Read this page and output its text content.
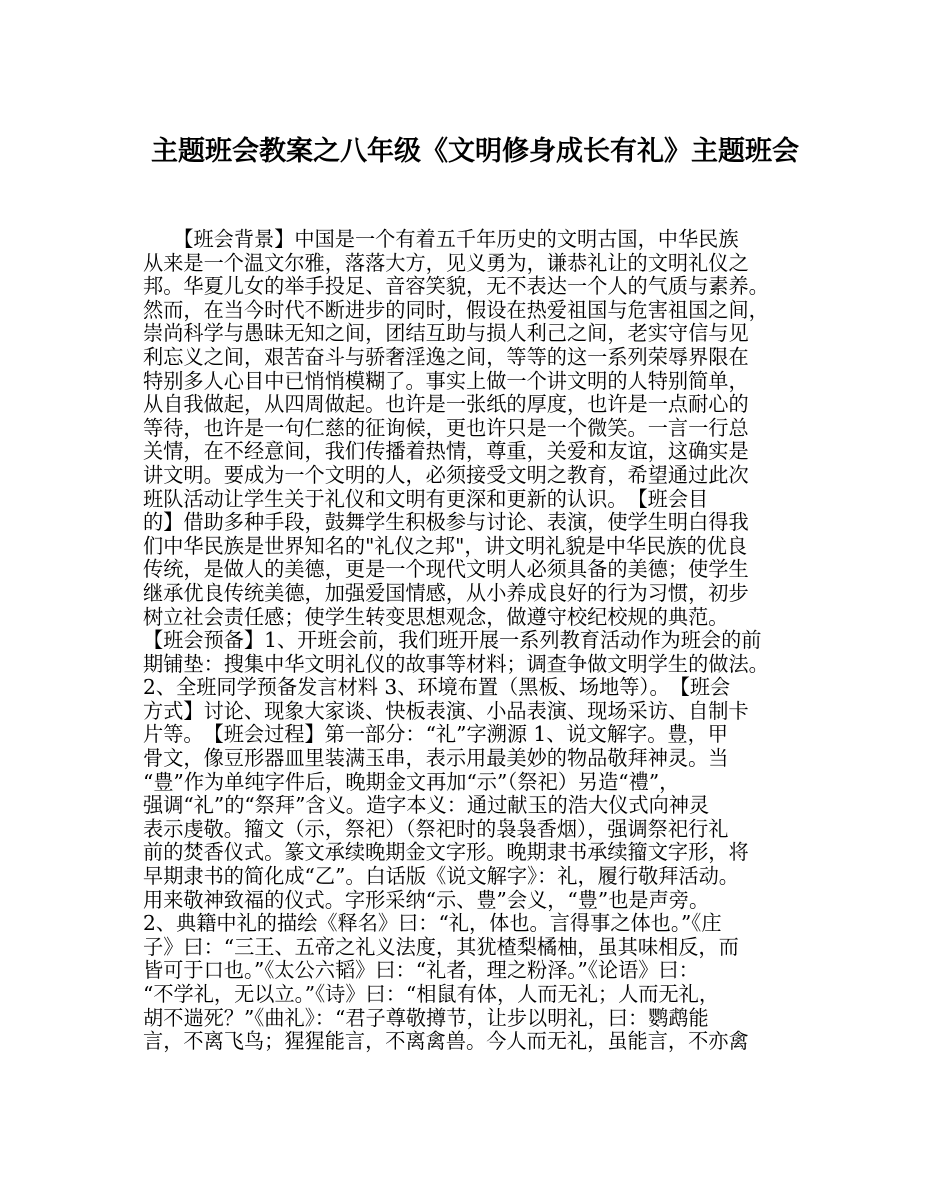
主题班会教案之八年级《文明修身成长有礼》主题班会
　　【班会背景】中国是一个有着五千年历史的文明古国，中华民族
从来是一个温文尔雅，落落大方，见义勇为，谦恭礼让的文明礼仪之
邦。华夏儿女的举手投足、音容笑貌，无不表达一个人的气质与素养。
然而，在当今时代不断进步的同时，假设在热爱祖国与危害祖国之间，
崇尚科学与愚昧无知之间，团结互助与损人利己之间，老实守信与见
利忘义之间，艰苦奋斗与骄奢淫逸之间，等等的这一系列荣辱界限在
特别多人心目中已悄悄模糊了。事实上做一个讲文明的人特别简单，
从自我做起，从四周做起。也许是一张纸的厚度，也许是一点耐心的
等待，也许是一句仁慈的征询候，更也许只是一个微笑。一言一行总
关情，在不经意间，我们传播着热情，尊重，关爱和友谊，这确实是
讲文明。要成为一个文明的人，必须接受文明之教育，希望通过此次
班队活动让学生关于礼仪和文明有更深和更新的认识。　【班会目
的】借助多种手段，鼓舞学生积极参与讨论、表演，使学生明白得我
们中华民族是世界知名的"礼仪之邦"，讲文明礼貌是中华民族的优良
传统，是做人的美德，更是一个现代文明人必须具备的美德；使学生
继承优良传统美德，加强爱国情感，从小养成良好的行为习惯，初步
树立社会责任感；使学生转变思想观念，做遵守校纪校规的典范。
【班会预备】1、开班会前，我们班开展一系列教育活动作为班会的前
期铺垫：搜集中华文明礼仪的故事等材料；调查争做文明学生的做法。
2、全班同学预备发言材料 3、环境布置（黑板、场地等）。　【班会
方式】讨论、现象大家谈、快板表演、小品表演、现场采访、自制卡
片等。　【班会过程】第一部分：“礼”字溯源 1、说文解字。豊，甲
骨文，像豆形器皿里装满玉串，表示用最美妙的物品敬拜神灵。当
“豊”作为单纯字件后，晚期金文再加“示”（祭祀）另造“禮”，
强调“礼”的“祭拜”含义。造字本义：通过献玉的浩大仪式向神灵
表示虔敬。籀文（示，祭祀）（祭祀时的袅袅香烟），强调祭祀行礼
前的焚香仪式。篆文承续晚期金文字形。晚期隶书承续籀文字形，将
早期隶书的简化成“乙”。白话版《说文解字》：礼，履行敬拜活动。
用来敬神致福的仪式。字形采纳“示、豊”会义，“豊”也是声旁。
2、典籍中礼的描绘《释名》曰：“礼，体也。言得事之体也。”《庄
子》曰：“三王、五帝之礼义法度，其犹楂梨橘柚，虽其味相反，而
皆可于口也。”《太公六韬》曰：“礼者，理之粉泽。”《论语》曰：
“不学礼，无以立。”《诗》曰：“相鼠有体，人而无礼；人而无礼，
胡不遄死？”《曲礼》：“君子尊敬撙节，让步以明礼，曰：鹦鹉能
言，不离飞鸟；猩猩能言，不离禽兽。今人而无礼，虽能言，不亦禽
